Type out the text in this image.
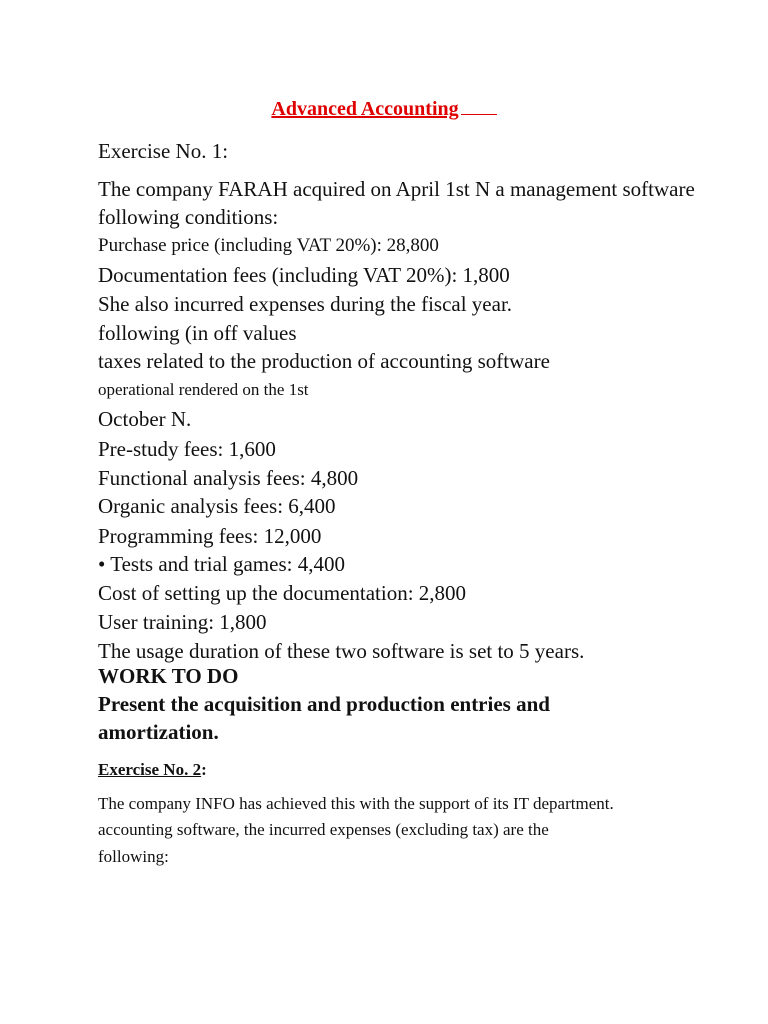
Advanced Accounting
Exercise No. 1:
The company FARAH acquired on April 1st N a management software
following conditions:
Purchase price (including VAT 20%): 28,800
Documentation fees (including VAT 20%): 1,800
She also incurred expenses during the fiscal year.
following (in off values
taxes related to the production of accounting software
operational rendered on the 1st
October N.
Pre-study fees: 1,600
Functional analysis fees: 4,800
Organic analysis fees: 6,400
Programming fees: 12,000
• Tests and trial games: 4,400
Cost of setting up the documentation: 2,800
User training: 1,800
The usage duration of these two software is set to 5 years.
WORK TO DO
Present the acquisition and production entries and
amortization.
Exercise No. 2:
The company INFO has achieved this with the support of its IT department.
accounting software, the incurred expenses (excluding tax) are the
following:
